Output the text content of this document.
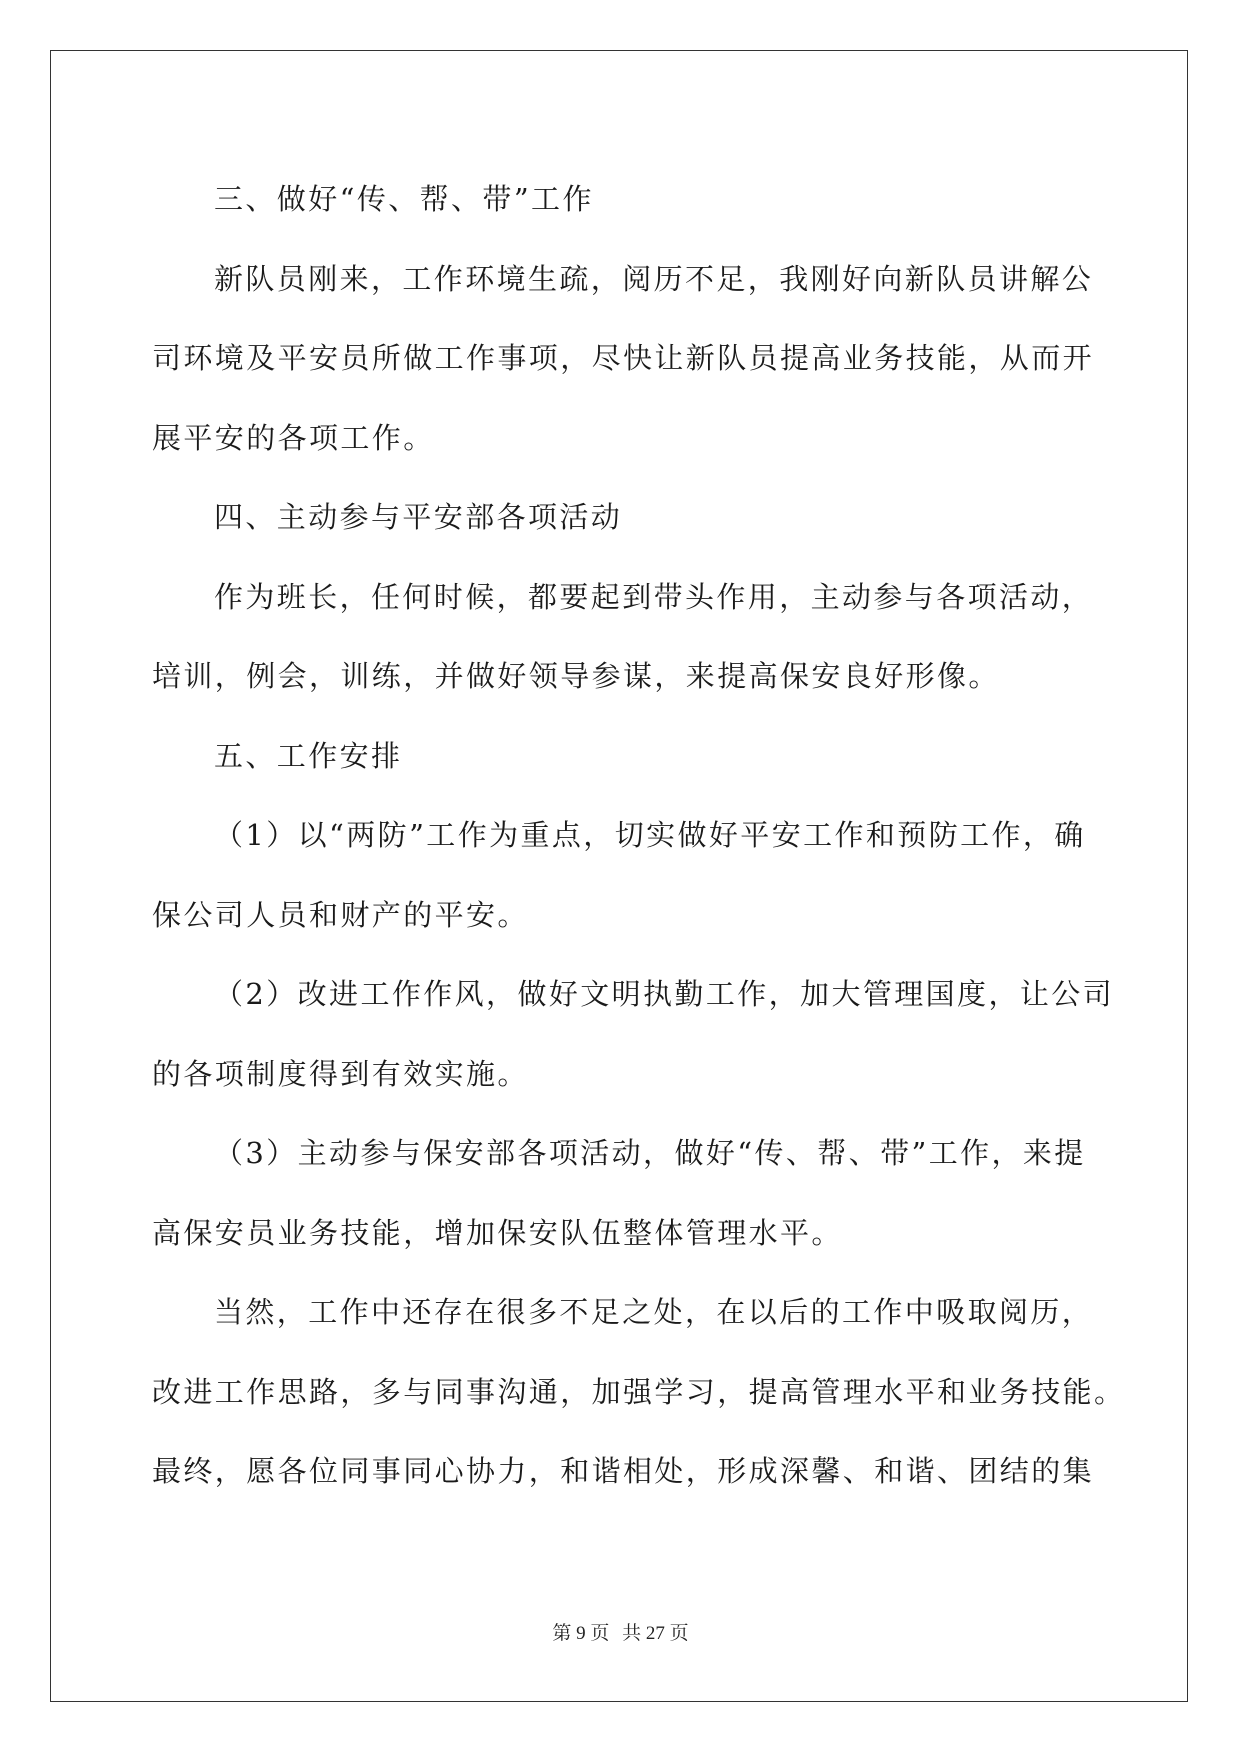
三、做好“传、帮、带”工作
新队员刚来，工作环境生疏，阅历不足，我刚好向新队员讲解公
司环境及平安员所做工作事项，尽快让新队员提高业务技能，从而开
展平安的各项工作。
四、主动参与平安部各项活动
作为班长，任何时候，都要起到带头作用，主动参与各项活动，
培训，例会，训练，并做好领导参谋，来提高保安良好形像。
五、工作安排
（1）以“两防”工作为重点，切实做好平安工作和预防工作，确
保公司人员和财产的平安。
（2）改进工作作风，做好文明执勤工作，加大管理国度，让公司
的各项制度得到有效实施。
（3）主动参与保安部各项活动，做好“传、帮、带”工作，来提
高保安员业务技能，增加保安队伍整体管理水平。
当然，工作中还存在很多不足之处，在以后的工作中吸取阅历，
改进工作思路，多与同事沟通，加强学习，提高管理水平和业务技能。
最终，愿各位同事同心协力，和谐相处，形成深馨、和谐、团结的集
第 9 页 共 27 页
